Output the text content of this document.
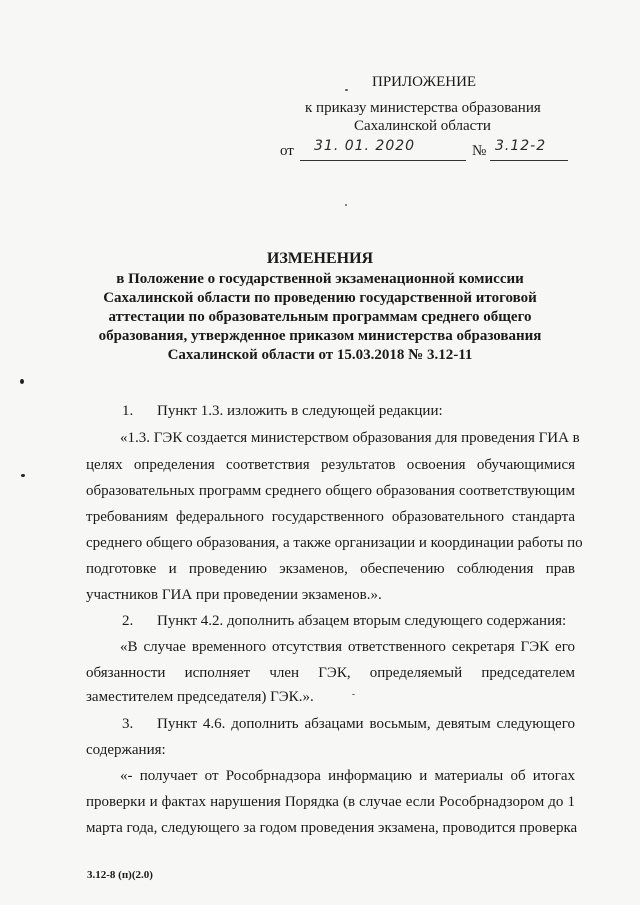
ПРИЛОЖЕНИЕ
к приказу министерства образования
Сахалинской области
от 31. 01. 2020	№ 3.12-2
ИЗМЕНЕНИЯ
в Положение о государственной экзаменационной комиссии
Сахалинской области по проведению государственной итоговой
аттестации по образовательным программам среднего общего
образования, утвержденное приказом министерства образования
Сахалинской области от 15.03.2018 № 3.12-11
1. Пункт 1.3. изложить в следующей редакции:
«1.3. ГЭК создается министерством образования для проведения ГИА в
целях определения соответствия результатов освоения обучающимися
образовательных программ среднего общего образования соответствующим
требованиям федерального государственного образовательного стандарта
среднего общего образования, а также организации и координации работы по
подготовке и проведению экзаменов, обеспечению соблюдения прав
участников ГИА при проведении экзаменов.».
2. Пункт 4.2. дополнить абзацем вторым следующего содержания:
«В случае временного отсутствия ответственного секретаря ГЭК его
обязанности исполняет член ГЭК, определяемый председателем
заместителем председателя) ГЭК.».
3. Пункт 4.6. дополнить абзацами восьмым, девятым следующего
содержания:
«- получает от Рособрнадзора информацию и материалы об итогах
проверки и фактах нарушения Порядка (в случае если Рособрнадзором до 1
марта года, следующего за годом проведения экзамена, проводится проверка
3.12-8 (п)(2.0)
